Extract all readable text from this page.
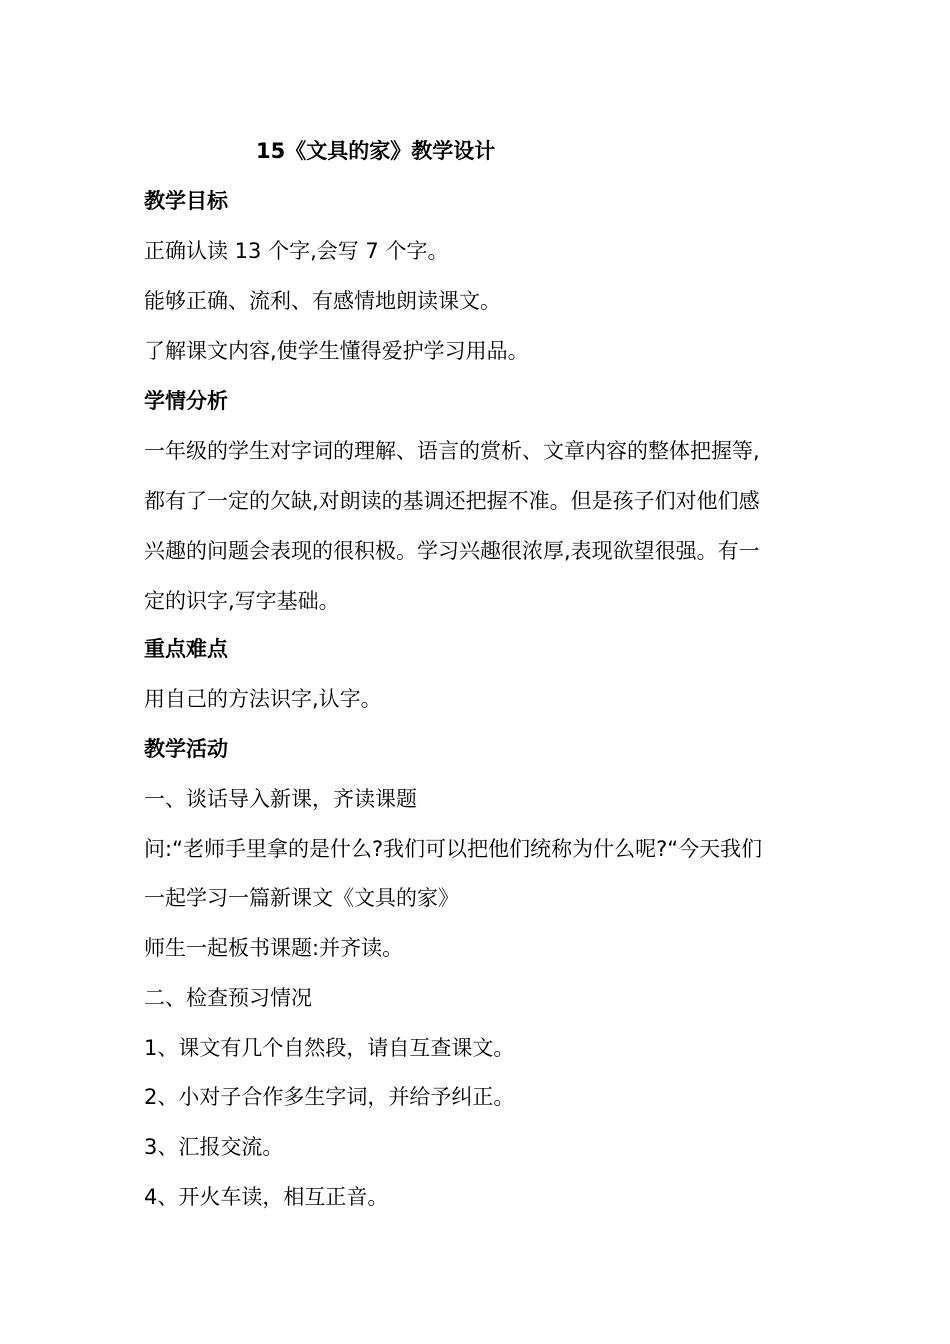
15《文具的家》教学设计
教学目标

正确认读 13 个字,会写 7 个字。

能够正确、流利、有感情地朗读课文。

了解课文内容,使学生懂得爱护学习用品。

学情分析

一年级的学生对字词的理解、语言的赏析、文章内容的整体把握等,

都有了一定的欠缺,对朗读的基调还把握不准。但是孩子们对他们感

兴趣的问题会表现的很积极。学习兴趣很浓厚,表现欲望很强。有一

定的识字,写字基础。

重点难点

用自己的方法识字,认字。

教学活动

一、谈话导入新课，齐读课题

问:“老师手里拿的是什么?我们可以把他们统称为什么呢?“今天我们

一起学习一篇新课文《文具的家》

师生一起板书课题:并齐读。

二、检查预习情况

1、课文有几个自然段，请自互查课文。

2、小对子合作多生字词，并给予纠正。

3、汇报交流。

4、开火车读，相互正音。
